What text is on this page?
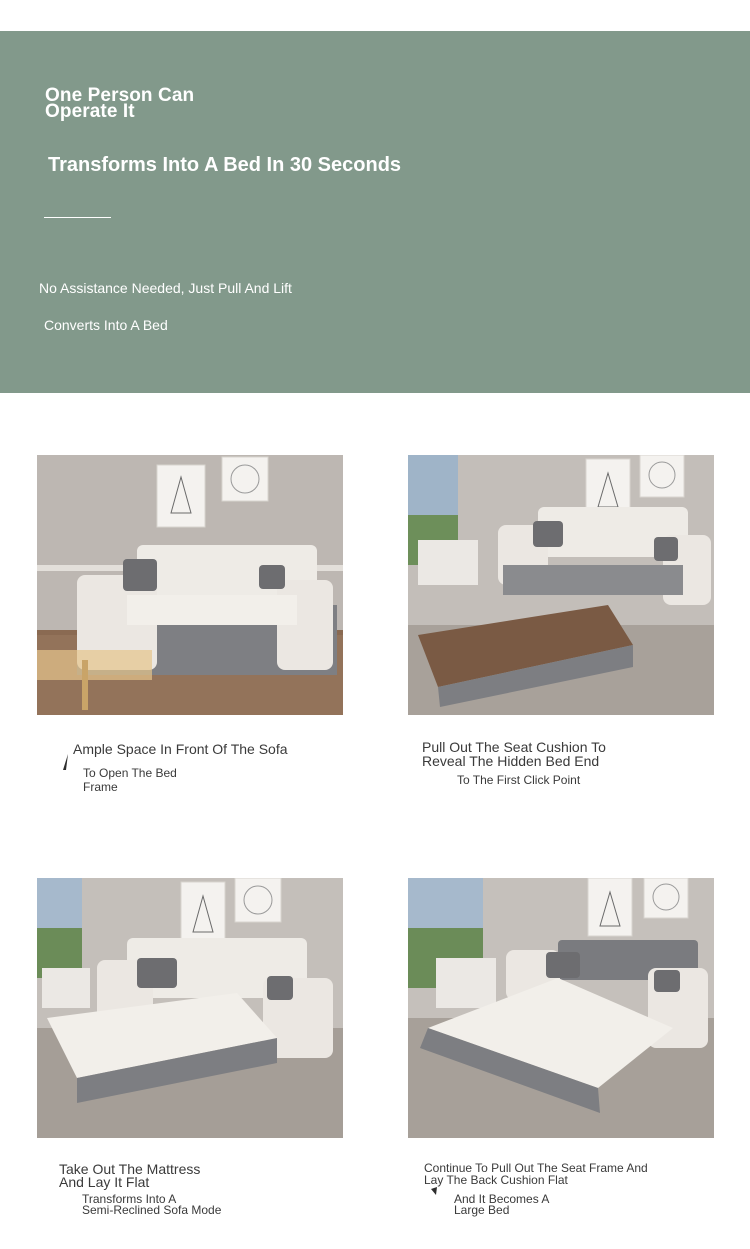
One Person Can
Operate It
Transforms Into A Bed In 30 Seconds
No Assistance Needed, Just Pull And Lift
Converts Into A Bed
Ample Space In Front Of The Sofa
To Open The Bed
Frame
Pull Out The Seat Cushion To
Reveal The Hidden Bed End
To The First Click Point
Take Out The Mattress
And Lay It Flat
Transforms Into A
Semi-Reclined Sofa Mode
Continue To Pull Out The Seat Frame And
Lay The Back Cushion Flat
And It Becomes A
Large Bed
